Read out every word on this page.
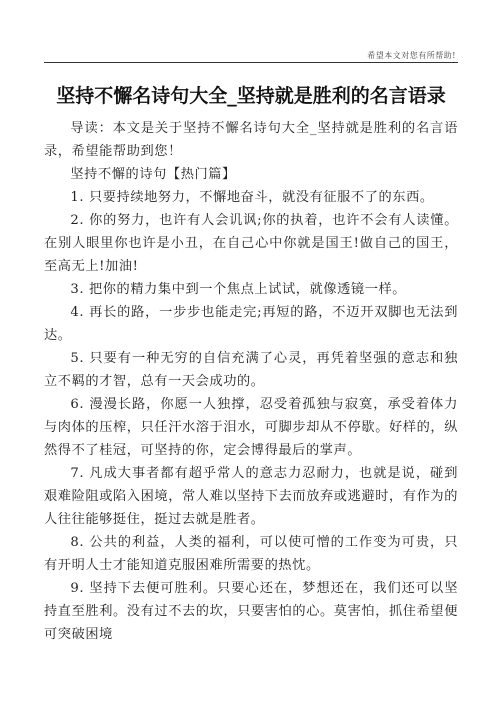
希望本文对您有所帮助!
坚持不懈名诗句大全_坚持就是胜利的名言语录

导读：本文是关于坚持不懈名诗句大全_坚持就是胜利的名言语录，希望能帮助到您！

坚持不懈的诗句【热门篇】

1. 只要持续地努力，不懈地奋斗，就没有征服不了的东西。

2. 你的努力，也许有人会讥讽;你的执着，也许不会有人读懂。在别人眼里你也许是小丑，在自己心中你就是国王!做自己的国王，至高无上!加油!

3. 把你的精力集中到一个焦点上试试，就像透镜一样。

4. 再长的路，一步步也能走完;再短的路，不迈开双脚也无法到达。

5. 只要有一种无穷的自信充满了心灵，再凭着坚强的意志和独立不羁的才智，总有一天会成功的。

6. 漫漫长路，你愿一人独撑，忍受着孤独与寂寞，承受着体力与肉体的压榨，只任汗水溶于泪水，可脚步却从不停歇。好样的，纵然得不了桂冠，可坚持的你，定会博得最后的掌声。

7. 凡成大事者都有超乎常人的意志力忍耐力，也就是说，碰到艰难险阻或陷入困境，常人难以坚持下去而放弃或逃避时，有作为的人往往能够挺住，挺过去就是胜者。

8. 公共的利益，人类的福利，可以使可憎的工作变为可贵，只有开明人士才能知道克服困难所需要的热忱。

9. 坚持下去便可胜利。只要心还在，梦想还在，我们还可以坚持直至胜利。没有过不去的坎，只要害怕的心。莫害怕，抓住希望便可突破困境
